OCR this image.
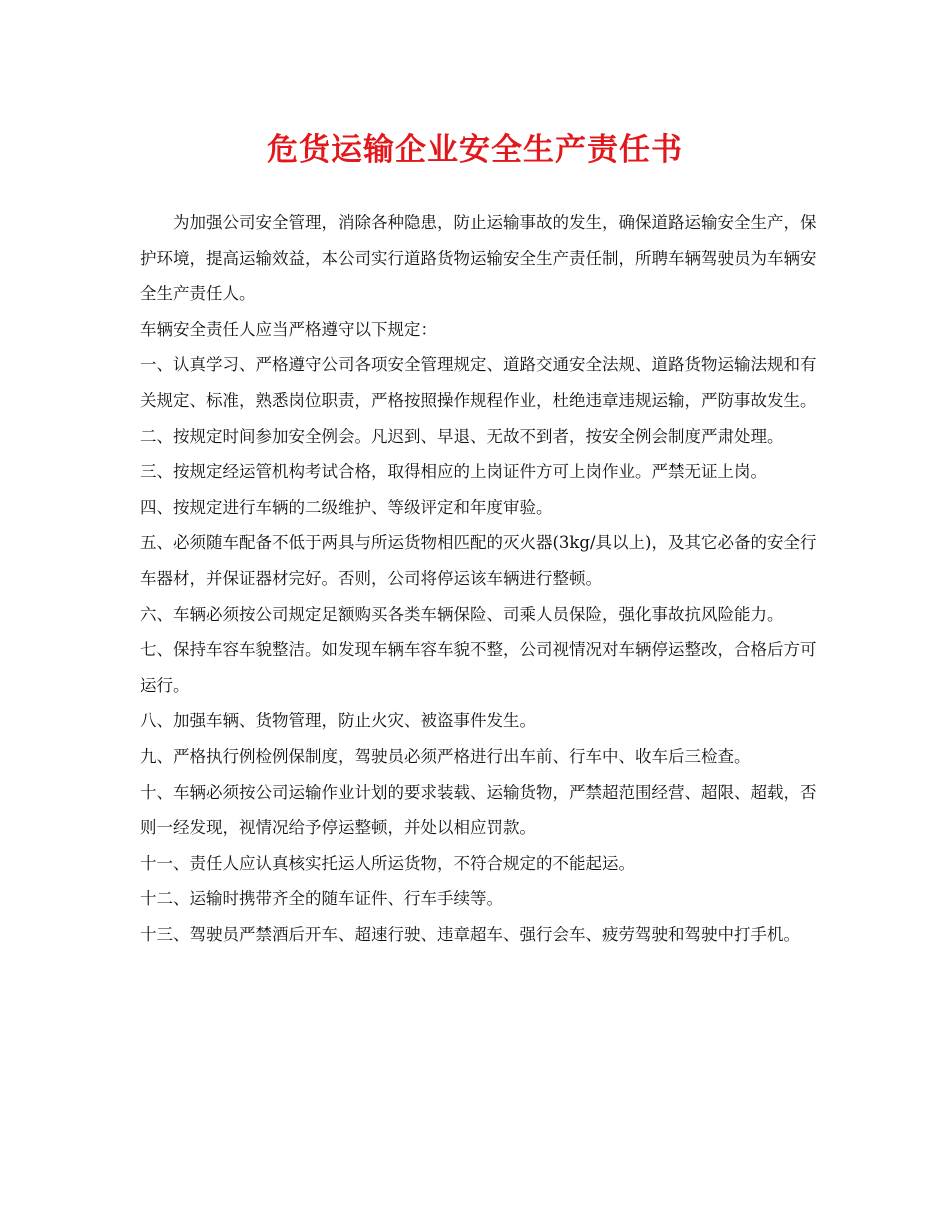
危货运输企业安全生产责任书

为加强公司安全管理，消除各种隐患，防止运输事故的发生，确保道路运输安全生产，保护环境，提高运输效益，本公司实行道路货物运输安全生产责任制，所聘车辆驾驶员为车辆安全生产责任人。

车辆安全责任人应当严格遵守以下规定：

一、认真学习、严格遵守公司各项安全管理规定、道路交通安全法规、道路货物运输法规和有关规定、标准，熟悉岗位职责，严格按照操作规程作业，杜绝违章违规运输，严防事故发生。

二、按规定时间参加安全例会。凡迟到、早退、无故不到者，按安全例会制度严肃处理。

三、按规定经运管机构考试合格，取得相应的上岗证件方可上岗作业。严禁无证上岗。

四、按规定进行车辆的二级维护、等级评定和年度审验。

五、必须随车配备不低于两具与所运货物相匹配的灭火器(3kg/具以上)，及其它必备的安全行车器材，并保证器材完好。否则，公司将停运该车辆进行整顿。

六、车辆必须按公司规定足额购买各类车辆保险、司乘人员保险，强化事故抗风险能力。

七、保持车容车貌整洁。如发现车辆车容车貌不整，公司视情况对车辆停运整改，合格后方可运行。

八、加强车辆、货物管理，防止火灾、被盗事件发生。

九、严格执行例检例保制度，驾驶员必须严格进行出车前、行车中、收车后三检查。

十、车辆必须按公司运输作业计划的要求装载、运输货物，严禁超范围经营、超限、超载，否则一经发现，视情况给予停运整顿，并处以相应罚款。

十一、责任人应认真核实托运人所运货物，不符合规定的不能起运。

十二、运输时携带齐全的随车证件、行车手续等。

十三、驾驶员严禁酒后开车、超速行驶、违章超车、强行会车、疲劳驾驶和驾驶中打手机。
